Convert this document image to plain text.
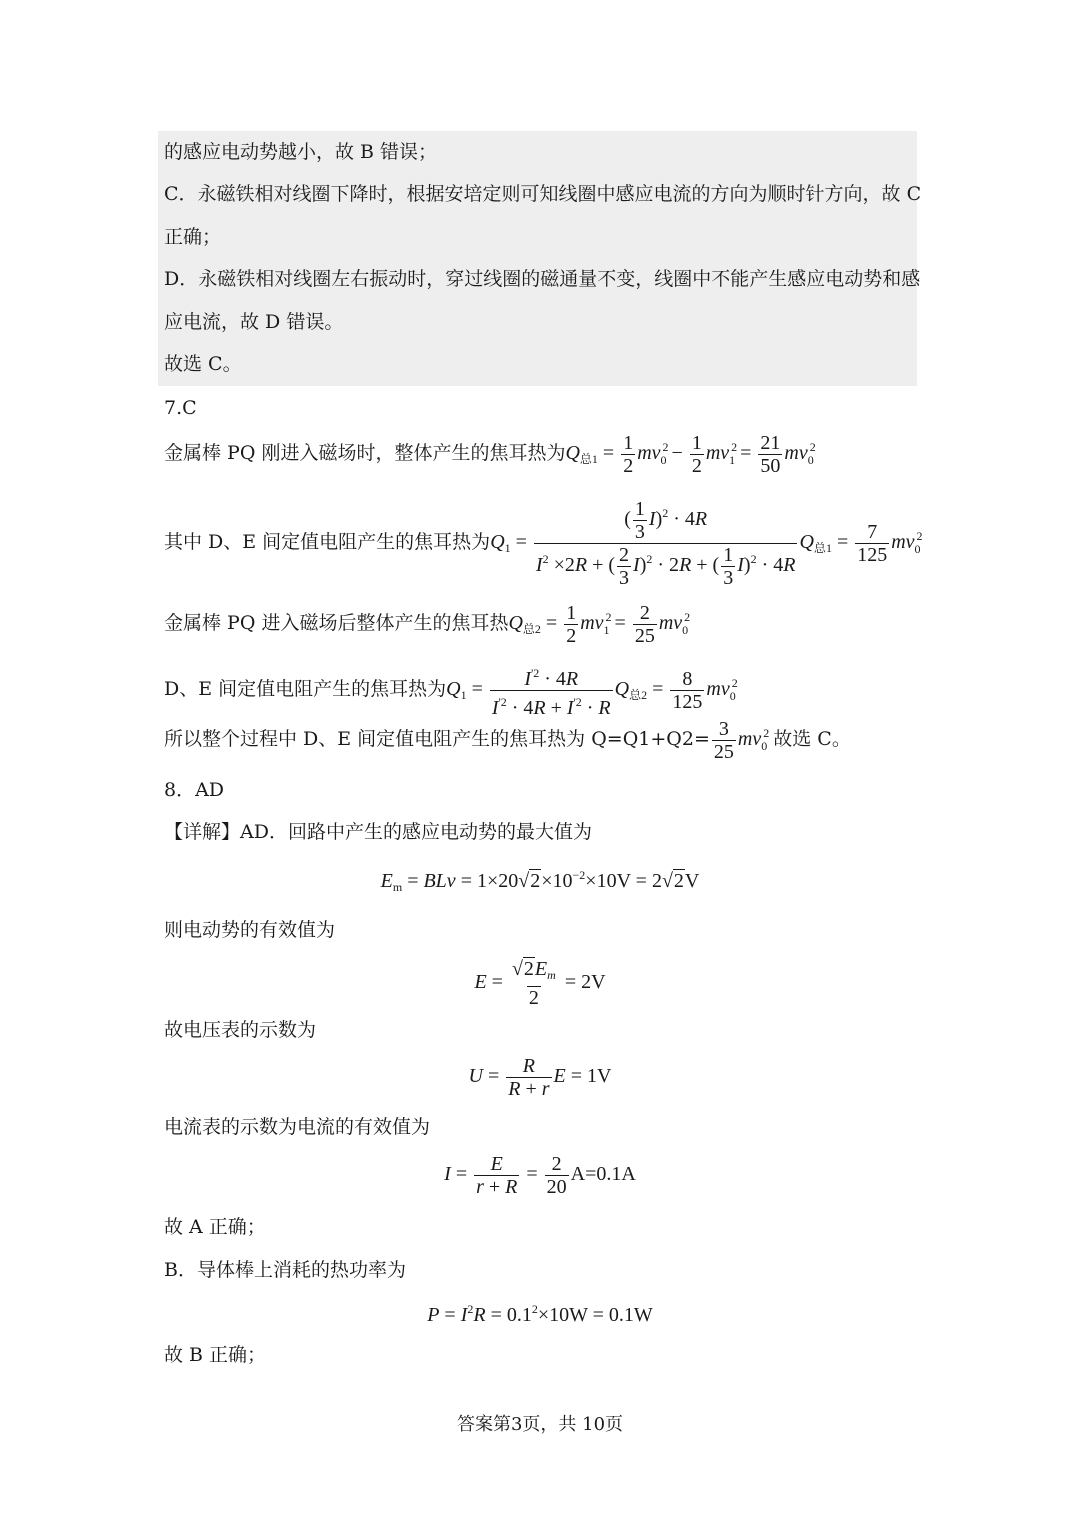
的感应电动势越小，故 B 错误；
C．永磁铁相对线圈下降时，根据安培定则可知线圈中感应电流的方向为顺时针方向，故 C
正确；
D．永磁铁相对线圈左右振动时，穿过线圈的磁通量不变，线圈中不能产生感应电动势和感
应电流，故 D 错误。
故选 C。
7.C
金属棒 PQ 刚进入磁场时，整体产生的焦耳热为$Q_{总1} = \frac{1}{2}$ mv 2
$_0 - \frac{1}{2}$ mv 2
$_1 = \frac{21}{50}$ mv 2
$_0$
其中 D、E 间定值电阻产生的焦耳热为$Q_1 = \frac{( \frac{1}{3} I)^2 \cdot 4R}{I^2 \times 2R + ( \frac{2}{3} I)^2 \cdot 2R + ( \frac{1}{3} I)^2 \cdot 4R} Q_{总1} = \frac{7}{125}$ mv 2
$_0$
金属棒 PQ 进入磁场后整体产生的焦耳热$Q_{总2} = \frac{1}{2}$ mv 2
$_1 = \frac{2}{25}$ mv 2
$_0$
D、E 间定值电阻产生的焦耳热为$Q_1 = \frac{I^{'2} \cdot 4R}{I^{'2} \cdot 4R + I^{'2} \cdot R} Q_{总2} = \frac{8}{125}$ mv 2
$_0$
所以整个过程中 D、E 间定值电阻产生的焦耳热为 $Q=Q1+Q2= \frac{3}{25}$ mv 2
$_0$ 故选 C。
8．AD
【详解】AD．回路中产生的感应电动势的最大值为
$E_m$ = BLv = $1\times 20√2\times 10^{-2}\times 10V = 2√2V$
则电动势的有效值为
$E = \frac{√2E_m}{2} = 2V$
故电压表的示数为
$U = \frac{R}{R + r}$ E = 1V
电流表的示数为电流的有效值为
$I = \frac{E}{r + R} = \frac{2}{20} A=0.1A$
故 A 正确；
B．导体棒上消耗的热功率为
$P = I^2R = 0.1^2\times 10W = 0.1W$
故 B 正确；
答案第3页，共 10页
